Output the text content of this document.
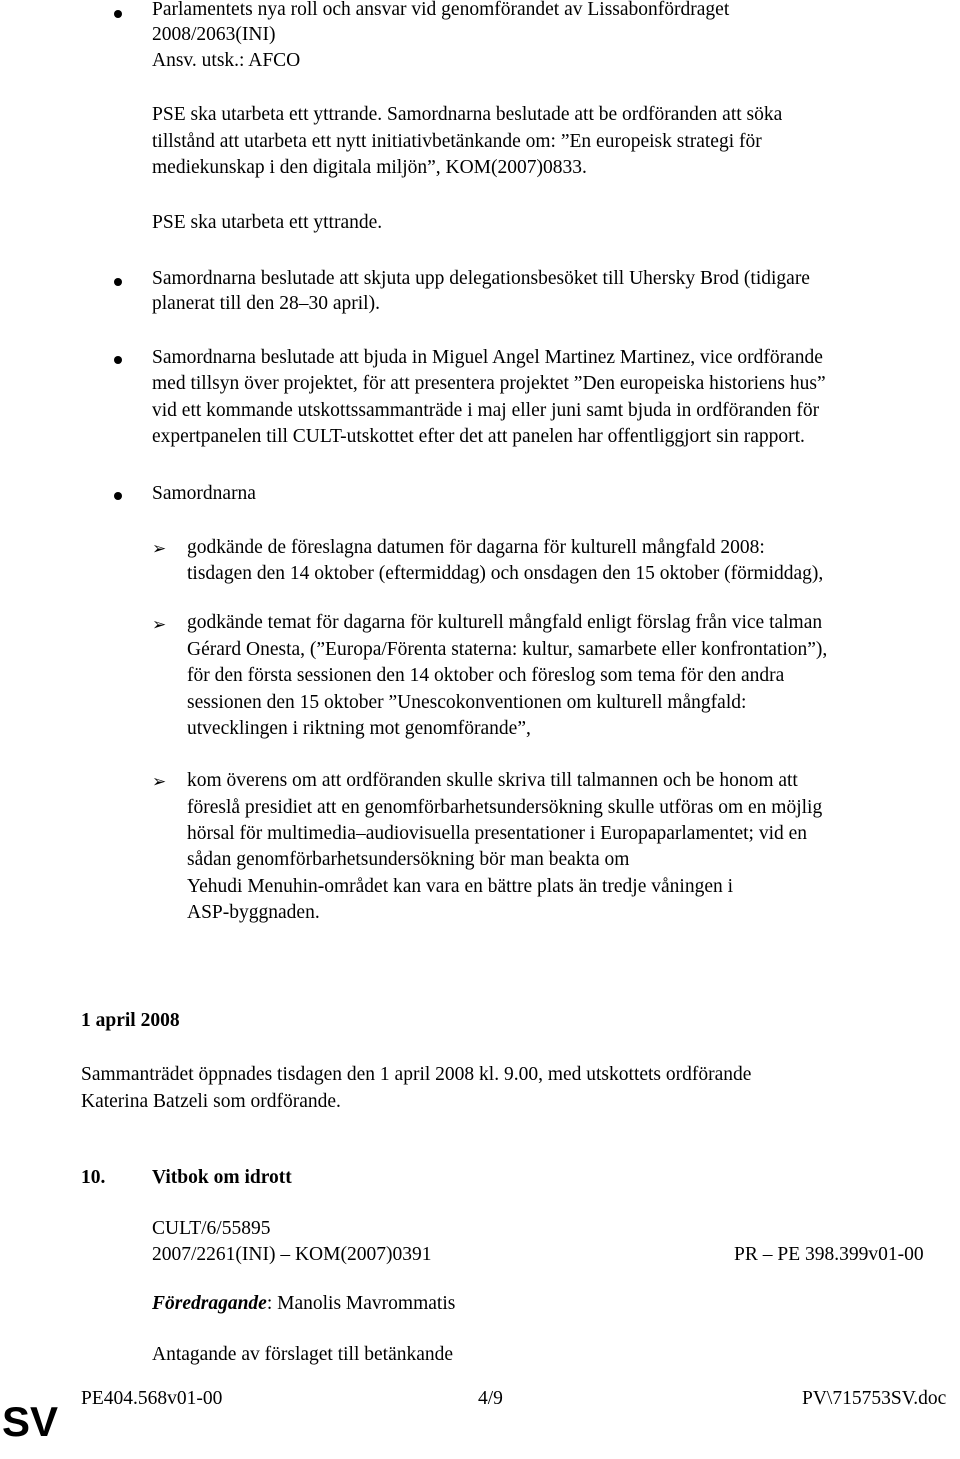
Parlamentets nya roll och ansvar vid genomförandet av Lissabonfördraget
2008/2063(INI)
Ansv. utsk.: AFCO
PSE ska utarbeta ett yttrande. Samordnarna beslutade att be ordföranden att söka
tillstånd att utarbeta ett nytt initiativbetänkande om: ”En europeisk strategi för
mediekunskap i den digitala miljön”, KOM(2007)0833.
PSE ska utarbeta ett yttrande.
Samordnarna beslutade att skjuta upp delegationsbesöket till Uhersky Brod (tidigare
planerat till den 28–30 april).
Samordnarna beslutade att bjuda in Miguel Angel Martinez Martinez, vice ordförande
med tillsyn över projektet, för att presentera projektet ”Den europeiska historiens hus”
vid ett kommande utskottssammanträde i maj eller juni samt bjuda in ordföranden för
expertpanelen till CULT-utskottet efter det att panelen har offentliggjort sin rapport.
Samordnarna
➢ godkände de föreslagna datumen för dagarna för kulturell mångfald 2008:
tisdagen den 14 oktober (eftermiddag) och onsdagen den 15 oktober (förmiddag),
➢ godkände temat för dagarna för kulturell mångfald enligt förslag från vice talman
Gérard Onesta, (”Europa/Förenta staterna: kultur, samarbete eller konfrontation”),
för den första sessionen den 14 oktober och föreslog som tema för den andra
sessionen den 15 oktober ”Unescokonventionen om kulturell mångfald:
utvecklingen i riktning mot genomförande”,
➢ kom överens om att ordföranden skulle skriva till talmannen och be honom att
föreslå presidiet att en genomförbarhetsundersökning skulle utföras om en möjlig
hörsal för multimedia–audiovisuella presentationer i Europaparlamentet; vid en
sådan genomförbarhetsundersökning bör man beakta om
Yehudi Menuhin-området kan vara en bättre plats än tredje våningen i
ASP-byggnaden.
1 april 2008
Sammanträdet öppnades tisdagen den 1 april 2008 kl. 9.00, med utskottets ordförande
Katerina Batzeli som ordförande.
10. Vitbok om idrott
CULT/6/55895
2007/2261(INI) – KOM(2007)0391	PR – PE 398.399v01-00
Föredragande: Manolis Mavrommatis
Antagande av förslaget till betänkande
PE404.568v01-00	4/9	PV\715753SV.doc
SV
